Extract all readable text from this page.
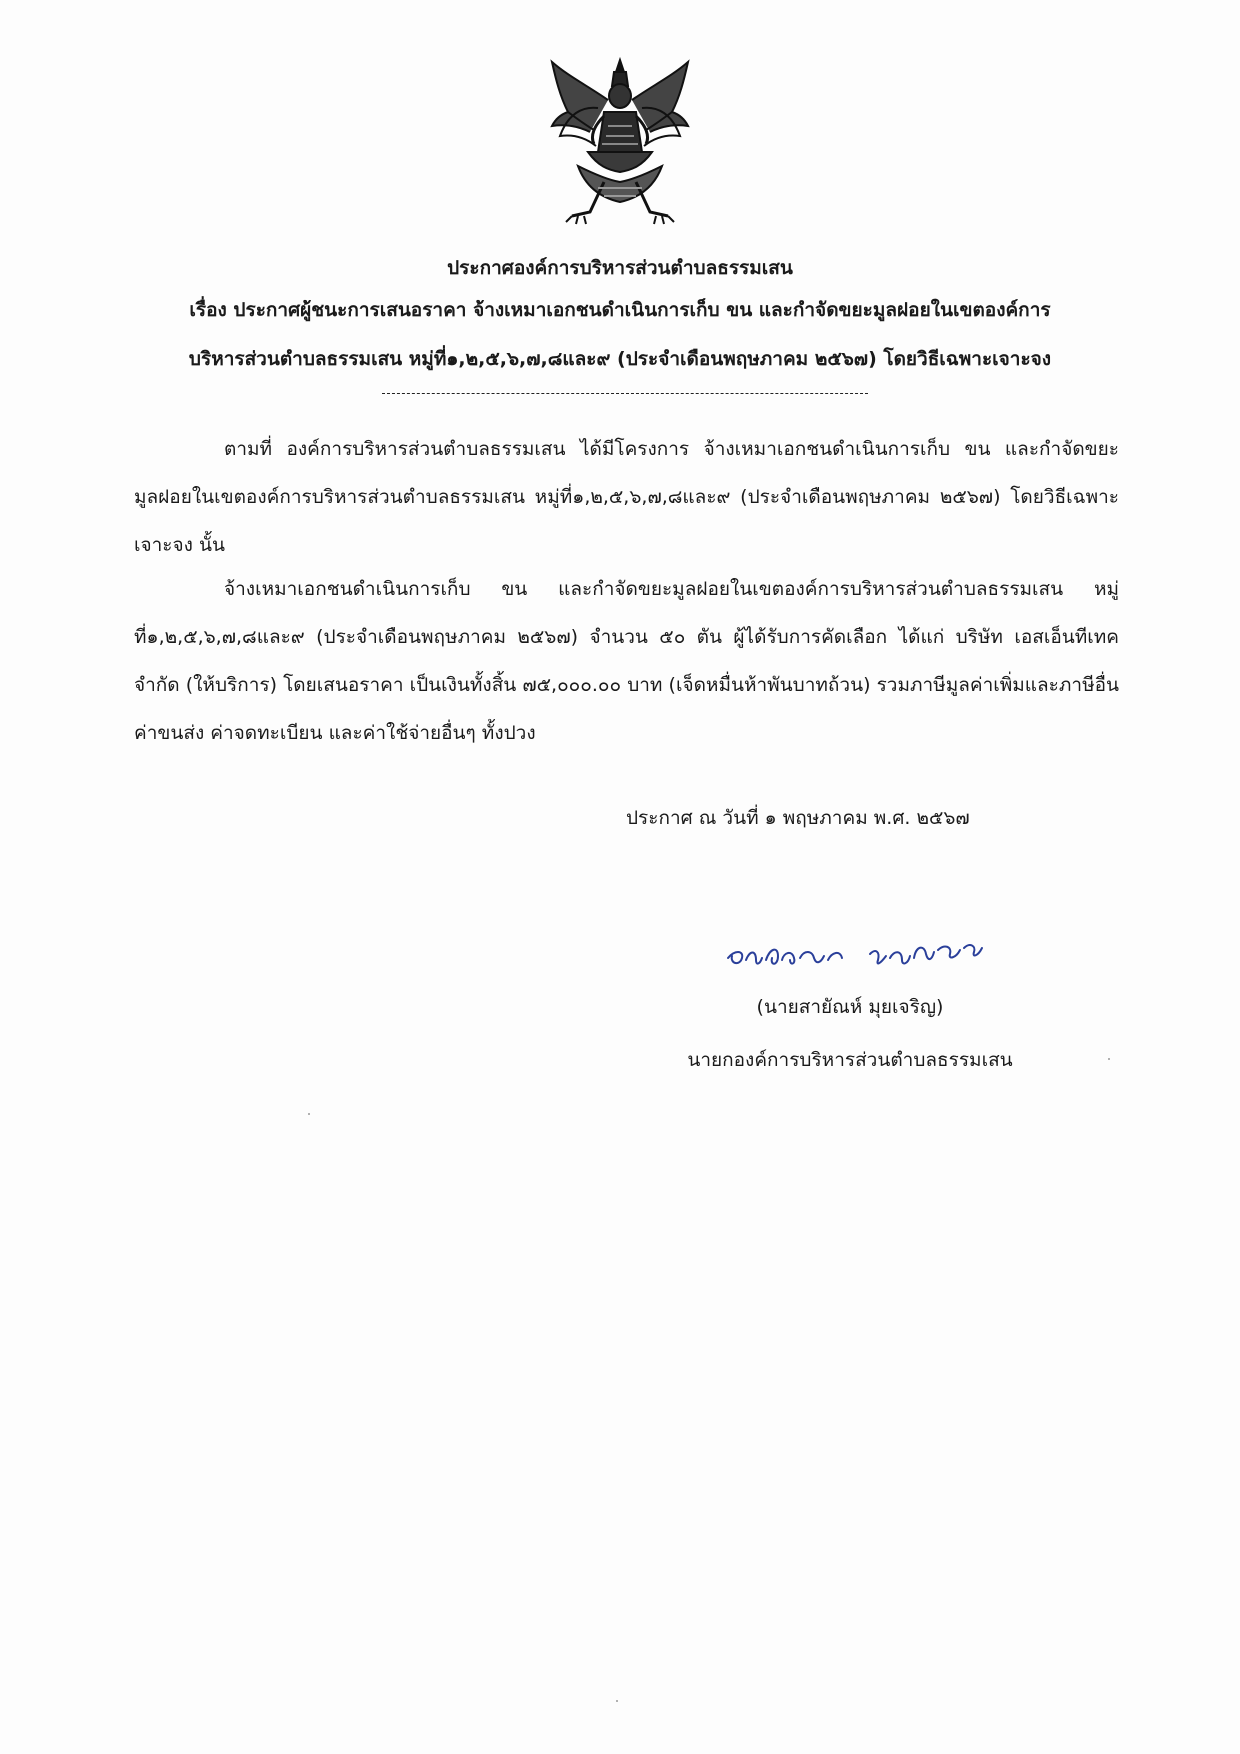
ประกาศองค์การบริหารส่วนตำบลธรรมเสน
เรื่อง ประกาศผู้ชนะการเสนอราคา จ้างเหมาเอกชนดำเนินการเก็บ ขน และกำจัดขยะมูลฝอยในเขตองค์การ
บริหารส่วนตำบลธรรมเสน หมู่ที่๑,๒,๕,๖,๗,๘และ๙ (ประจำเดือนพฤษภาคม ๒๕๖๗) โดยวิธีเฉพาะเจาะจง
ตามที่ องค์การบริหารส่วนตำบลธรรมเสน ได้มีโครงการ จ้างเหมาเอกชนดำเนินการเก็บ ขน และกำจัดขยะมูลฝอยในเขตองค์การบริหารส่วนตำบลธรรมเสน หมู่ที่๑,๒,๕,๖,๗,๘และ๙ (ประจำเดือนพฤษภาคม ๒๕๖๗) โดยวิธีเฉพาะเจาะจง นั้น
จ้างเหมาเอกชนดำเนินการเก็บ ขน และกำจัดขยะมูลฝอยในเขตองค์การบริหารส่วนตำบลธรรมเสน หมู่ที่๑,๒,๕,๖,๗,๘และ๙ (ประจำเดือนพฤษภาคม ๒๕๖๗) จำนวน ๕๐ ตัน ผู้ได้รับการคัดเลือก ได้แก่ บริษัท เอสเอ็นทีเทค จำกัด (ให้บริการ) โดยเสนอราคา เป็นเงินทั้งสิ้น ๗๕,๐๐๐.๐๐ บาท (เจ็ดหมื่นห้าพันบาทถ้วน) รวมภาษีมูลค่าเพิ่มและภาษีอื่น ค่าขนส่ง ค่าจดทะเบียน และค่าใช้จ่ายอื่นๆ ทั้งปวง
ประกาศ ณ วันที่ ๑ พฤษภาคม พ.ศ. ๒๕๖๗
(นายสายัณห์ มุยเจริญ)
นายกองค์การบริหารส่วนตำบลธรรมเสน
